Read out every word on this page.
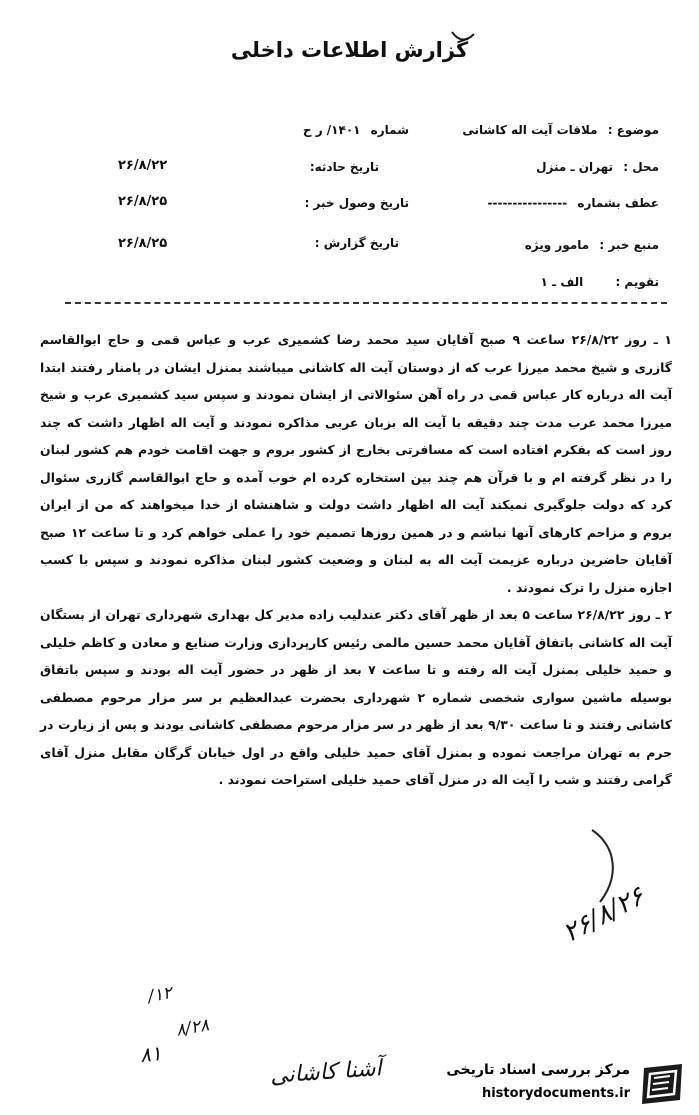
گزارش اطلاعات داخلی
موضوع : ملاقات آیت اله کاشانی
شماره ۱۴۰۱/ ر ح
محل : تهران ـ منزل
تاریخ حادثه:
۲۶/۸/۲۲
عطف بشماره ----------------
تاریخ وصول خبر :
۲۶/۸/۲۵
منبع خبر : مامور ویژه
تاریخ گزارش :
۲۶/۸/۲۵
تقویم : الف ـ ۱

۱ ـ روز ۲۶/۸/۲۲ ساعت ۹ صبح آقایان سید محمد رضا کشمیری عرب و عباس قمی و حاج ابوالقاسم گازری و شیخ محمد میرزا عرب که از دوستان آیت اله کاشانی میباشند بمنزل ایشان در پامنار رفتند ابتدا آیت اله درباره کار عباس قمی در راه آهن سئوالاتی از ایشان نمودند و سپس سید کشمیری عرب و شیخ میرزا محمد عرب مدت چند دقیقه با آیت اله بزبان عربی مذاکره نمودند و آیت اله اظهار داشت که چند روز است که بفکرم افتاده است که مسافرتی بخارج از کشور بروم و جهت اقامت خودم هم کشور لبنان را در نظر گرفته ام و با قرآن هم چند بین استخاره کرده ام خوب آمده و حاج ابوالقاسم گازری سئوال کرد که دولت جلوگیری نمیکند آیت اله اظهار داشت دولت و شاهنشاه از خدا میخواهند که من از ایران بروم و مزاحم کارهای آنها نباشم و در همین روزها تصمیم خود را عملی خواهم کرد و تا ساعت ۱۲ صبح آقایان حاضرین درباره عزیمت آیت اله به لبنان و وضعیت کشور لبنان مذاکره نمودند و سپس با کسب اجازه منزل را ترک نمودند .

۲ ـ روز ۲۶/۸/۲۲ ساعت ۵ بعد از ظهر آقای دکتر عندلیب زاده مدیر کل بهداری شهرداری تهران از بستگان آیت اله کاشانی باتفاق آقایان محمد حسین مالمی رئیس کارپردازی وزارت صنایع و معادن و کاظم خلیلی و حمید خلیلی بمنزل آیت اله رفته و تا ساعت ۷ بعد از ظهر در حضور آیت اله بودند و سپس باتفاق بوسیله ماشین سواری شخصی شماره ۲ شهرداری بحضرت عبدالعظیم بر سر مزار مرحوم مصطفی کاشانی رفتند و تا ساعت ۹/۳۰ بعد از ظهر در سر مزار مرحوم مصطفی کاشانی بودند و پس از زیارت در حرم به تهران مراجعت نموده و بمنزل آقای حمید خلیلی واقع در اول خیابان گرگان مقابل منزل آقای گرامی رفتند و شب را آیت اله در منزل آقای حمید خلیلی استراحت نمودند .

۲۶/۸/۲۶
/۱۲
۸/۲۸
۸۱
آشنا کاشانی	مرکز بررسی اسناد تاریخی
historydocuments.ir
